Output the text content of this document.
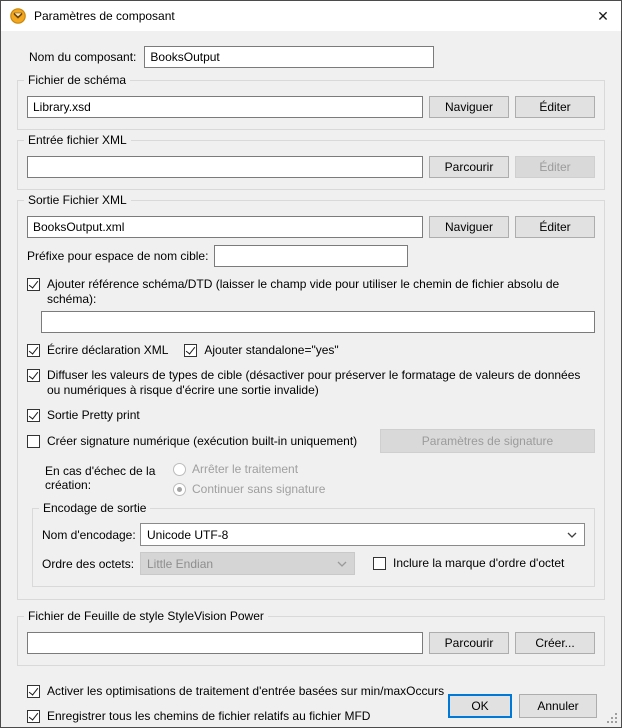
Paramètres de composant	✕
Nom du composant:
BooksOutput
Fichier de schéma
Library.xsd
Naviguer	Éditer
Entrée fichier XML
Parcourir	Éditer
Sortie Fichier XML
BooksOutput.xml
Naviguer	Éditer
Préfixe pour espace de nom cible:
Ajouter référence schéma/DTD (laisser le champ vide pour utiliser le chemin de fichier absolu de schéma):
Écrire déclaration XML	Ajouter standalone="yes"
Diffuser les valeurs de types de cible (désactiver pour préserver le formatage de valeurs de données ou numériques à risque d'écrire une sortie invalide)
Sortie Pretty print
Créer signature numérique (exécution built-in uniquement)	Paramètres de signature
En cas d'échec de la création:
Arrêter le traitement
Continuer sans signature
Encodage de sortie
Nom d'encodage: Unicode UTF-8
Ordre des octets:	Little Endian	Inclure la marque d'ordre d'octet
Fichier de Feuille de style StyleVision Power
Parcourir	Créer...
Activer les optimisations de traitement d'entrée basées sur min/maxOccurs
Enregistrer tous les chemins de fichier relatifs au fichier MFD
OK	Annuler
